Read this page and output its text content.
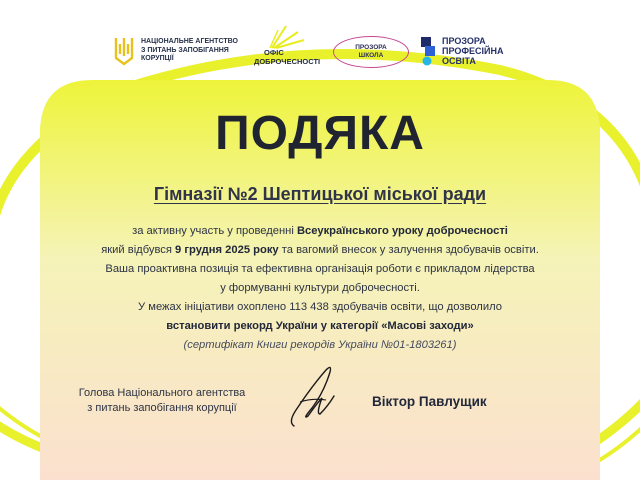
НАЦІОНАЛЬНЕ АГЕНТСТВО
З ПИТАНЬ ЗАПОБІГАННЯ
КОРУПЦІЇ
ОФІС
ДОБРОЧЕСНОСТІ
ПРОЗОРА
ШКОЛА
ПРОЗОРА
ПРОФЕСІЙНА
ОСВІТА
ПОДЯКА
Гімназії №2 Шептицької міської ради
за активну участь у проведенні Всеукраїнського уроку доброчесності
який відбувся 9 грудня 2025 року та вагомий внесок у залучення здобувачів освіти.
Ваша проактивна позиція та ефективна організація роботи є прикладом лідерства
у формуванні культури доброчесності.
У межах ініціативи охоплено 113 438 здобувачів освіти, що дозволило
встановити рекорд України у категорії «Масові заходи»
(сертифікат Книги рекордів України №01-1803261)
Голова Національного агентства
з питань запобігання корупції	Віктор Павлущик
